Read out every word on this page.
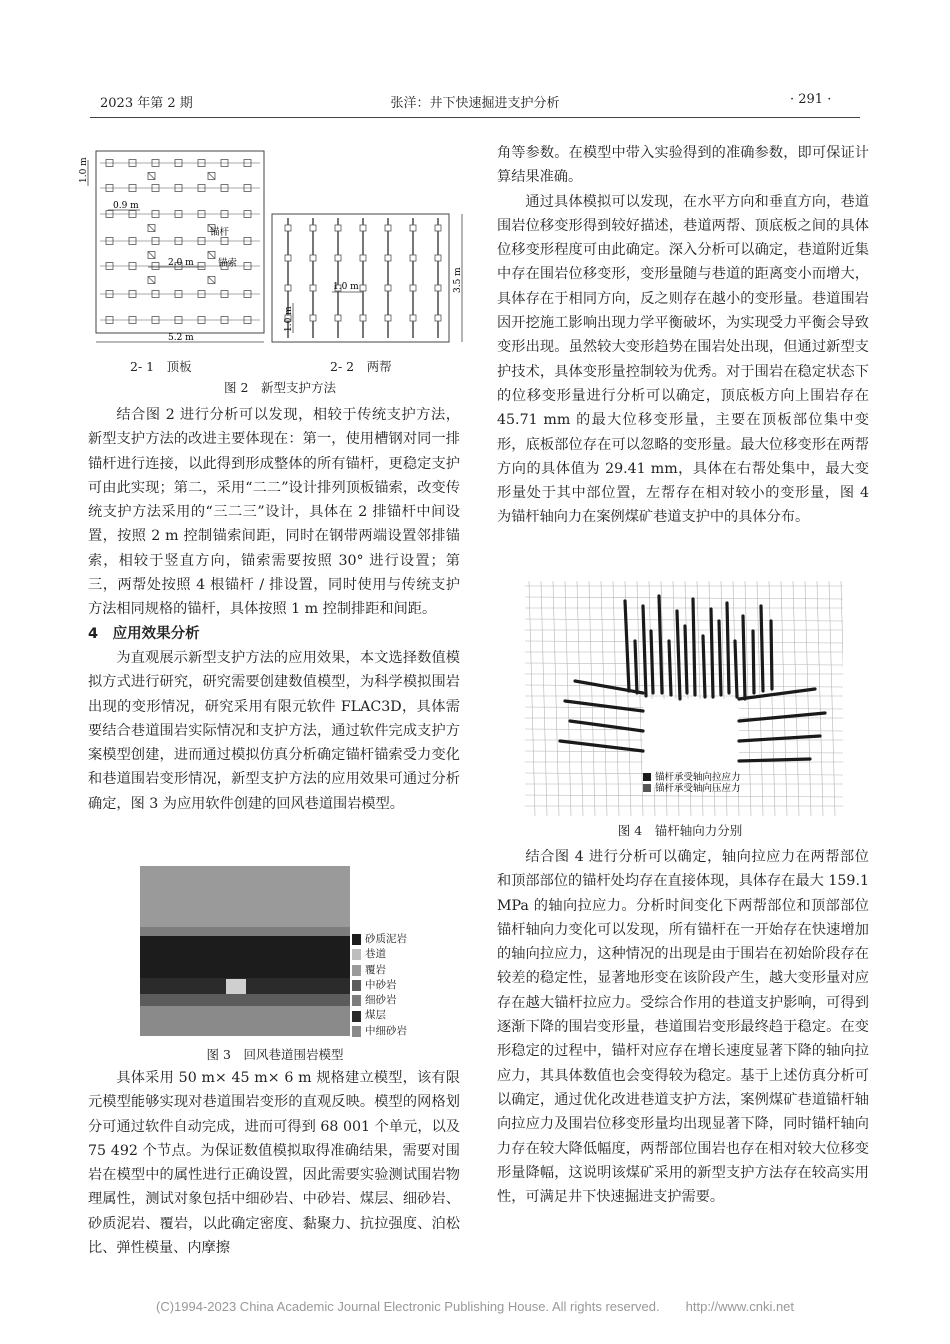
2023 年第 2 期	张洋：井下快速掘进支护分析	· 291 ·
1.0 m
0.9 m
锚杆
2.0 m	锚索
5.2 m
1.0 m
1.0 m
3.5 m
2- 1　顶板	2- 2　两帮
图 2　新型支护方法

结合图 2 进行分析可以发现，相较于传统支护方法，新型支护方法的改进主要体现在：第一，使用槽钢对同一排锚杆进行连接，以此得到形成整体的所有锚杆，更稳定支护可由此实现；第二，采用“二二”设计排列顶板锚索，改变传统支护方法采用的“三二三”设计，具体在 2 排锚杆中间设置，按照 2 m 控制锚索间距，同时在钢带两端设置邻排锚索，相较于竖直方向，锚索需要按照 30° 进行设置；第三，两帮处按照 4 根锚杆 / 排设置，同时使用与传统支护方法相同规格的锚杆，具体按照 1 m 控制排距和间距。

4　应用效果分析

为直观展示新型支护方法的应用效果，本文选择数值模拟方式进行研究，研究需要创建数值模型，为科学模拟围岩出现的变形情况，研究采用有限元软件 FLAC3D，具体需要结合巷道围岩实际情况和支护方法，通过软件完成支护方案模型创建，进而通过模拟仿真分析确定锚杆锚索受力变化和巷道围岩变形情况，新型支护方法的应用效果可通过分析确定，图 3 为应用软件创建的回风巷道围岩模型。

砂质泥岩
巷道
覆岩
中砂岩
细砂岩
煤层
中细砂岩
图 3　回风巷道围岩模型

具体采用 50 m× 45 m× 6 m 规格建立模型，该有限元模型能够实现对巷道围岩变形的直观反映。模型的网格划分可通过软件自动完成，进而可得到 68 001 个单元，以及 75 492 个节点。为保证数值模拟取得准确结果，需要对围岩在模型中的属性进行正确设置，因此需要实验测试围岩物理属性，测试对象包括中细砂岩、中砂岩、煤层、细砂岩、砂质泥岩、覆岩，以此确定密度、黏聚力、抗拉强度、泊松比、弹性模量、内摩擦

角等参数。在模型中带入实验得到的准确参数，即可保证计算结果准确。

通过具体模拟可以发现，在水平方向和垂直方向，巷道围岩位移变形得到较好描述，巷道两帮、顶底板之间的具体位移变形程度可由此确定。深入分析可以确定，巷道附近集中存在围岩位移变形，变形量随与巷道的距离变小而增大，具体存在于相同方向，反之则存在越小的变形量。巷道围岩因开挖施工影响出现力学平衡破坏，为实现受力平衡会导致变形出现。虽然较大变形趋势在围岩处出现，但通过新型支护技术，具体变形量控制较为优秀。对于围岩在稳定状态下的位移变形量进行分析可以确定，顶底板方向上围岩存在 45.71 mm 的最大位移变形量，主要在顶板部位集中变形，底板部位存在可以忽略的变形量。最大位移变形在两帮方向的具体值为 29.41 mm，具体在右帮处集中，最大变形量处于其中部位置，左帮存在相对较小的变形量，图 4 为锚杆轴向力在案例煤矿巷道支护中的具体分布。

锚杆承受轴向拉应力
锚杆承受轴向压应力
图 4　锚杆轴向力分别

结合图 4 进行分析可以确定，轴向拉应力在两帮部位和顶部部位的锚杆处均存在直接体现，具体存在最大 159.1 MPa 的轴向拉应力。分析时间变化下两帮部位和顶部部位锚杆轴向力变化可以发现，所有锚杆在一开始存在快速增加的轴向拉应力，这种情况的出现是由于围岩在初始阶段存在较差的稳定性，显著地形变在该阶段产生，越大变形量对应存在越大锚杆拉应力。受综合作用的巷道支护影响，可得到逐渐下降的围岩变形量，巷道围岩变形最终趋于稳定。在变形稳定的过程中，锚杆对应存在增长速度显著下降的轴向拉应力，其具体数值也会变得较为稳定。基于上述仿真分析可以确定，通过优化改进巷道支护方法，案例煤矿巷道锚杆轴向拉应力及围岩位移变形量均出现显著下降，同时锚杆轴向力存在较大降低幅度，两帮部位围岩也存在相对较大位移变形量降幅，这说明该煤矿采用的新型支护方法存在较高实用性，可满足井下快速掘进支护需要。

(C)1994-2023 China Academic Journal Electronic Publishing House. All rights reserved.　　http://www.cnki.net
